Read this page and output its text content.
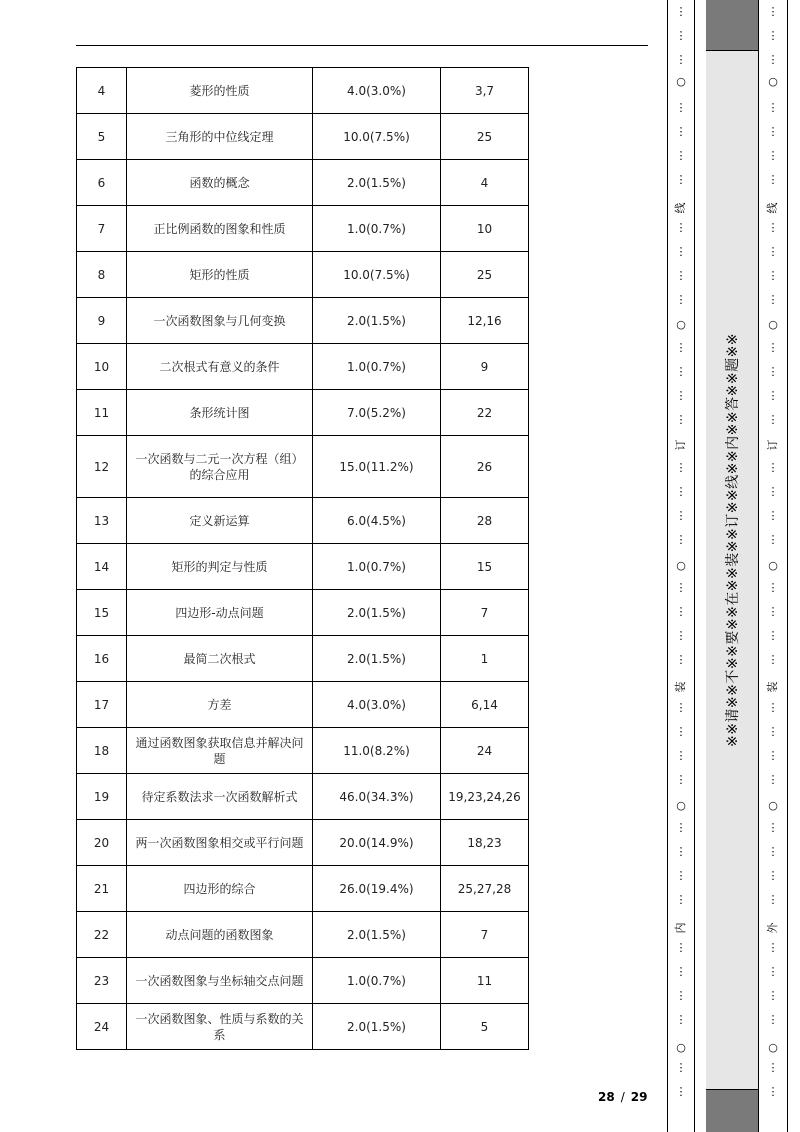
4	菱形的性质	4.0(3.0%)	3,7
5	三角形的中位线定理	10.0(7.5%)	25
6	函数的概念	2.0(1.5%)	4
7	正比例函数的图象和性质	1.0(0.7%)	10
8	矩形的性质	10.0(7.5%)	25
9	一次函数图象与几何变换	2.0(1.5%)	12,16
10	二次根式有意义的条件	1.0(0.7%)	9
11	条形统计图	7.0(5.2%)	22
12	一次函数与二元一次方程（组）的综合应用	15.0(11.2%)	26
13	定义新运算	6.0(4.5%)	28
14	矩形的判定与性质	1.0(0.7%)	15
15	四边形-动点问题	2.0(1.5%)	7
16	最简二次根式	2.0(1.5%)	1
17	方差	4.0(3.0%)	6,14
18	通过函数图象获取信息并解决问题	11.0(8.2%)	24
19	待定系数法求一次函数解析式	46.0(34.3%)	19,23,24,26
20	两一次函数图象相交或平行问题	20.0(14.9%)	18,23
21	四边形的综合	26.0(19.4%)	25,27,28
22	动点问题的函数图象	2.0(1.5%)	7
23	一次函数图象与坐标轴交点问题	1.0(0.7%)	11
24	一次函数图象、性质与系数的关系	2.0(1.5%)	5
28 / 29
⋮
⋮
⋮
⋮
⋮
⋮
⋮
⋮
⋮
⋮
⋮
⋮
⋮
⋮
⋮
⋮
⋮
⋮
⋮
⋮
⋮
⋮
⋮
⋮
⋮
⋮
⋮
⋮
⋮
⋮
⋮
⋮
⋮
⋮
⋮
⋮
⋮
○
线
○
订
○
装
○
内
○
※※请※※不※※要※※在※※装※※订※※线※※内※※答※※题※※
⋮
⋮
⋮
⋮
⋮
⋮
⋮
⋮
⋮
⋮
⋮
⋮
⋮
⋮
⋮
⋮
⋮
⋮
⋮
⋮
⋮
⋮
⋮
⋮
⋮
⋮
⋮
⋮
⋮
⋮
⋮
⋮
⋮
⋮
⋮
⋮
⋮
○
线
○
订
○
装
○
外
○
